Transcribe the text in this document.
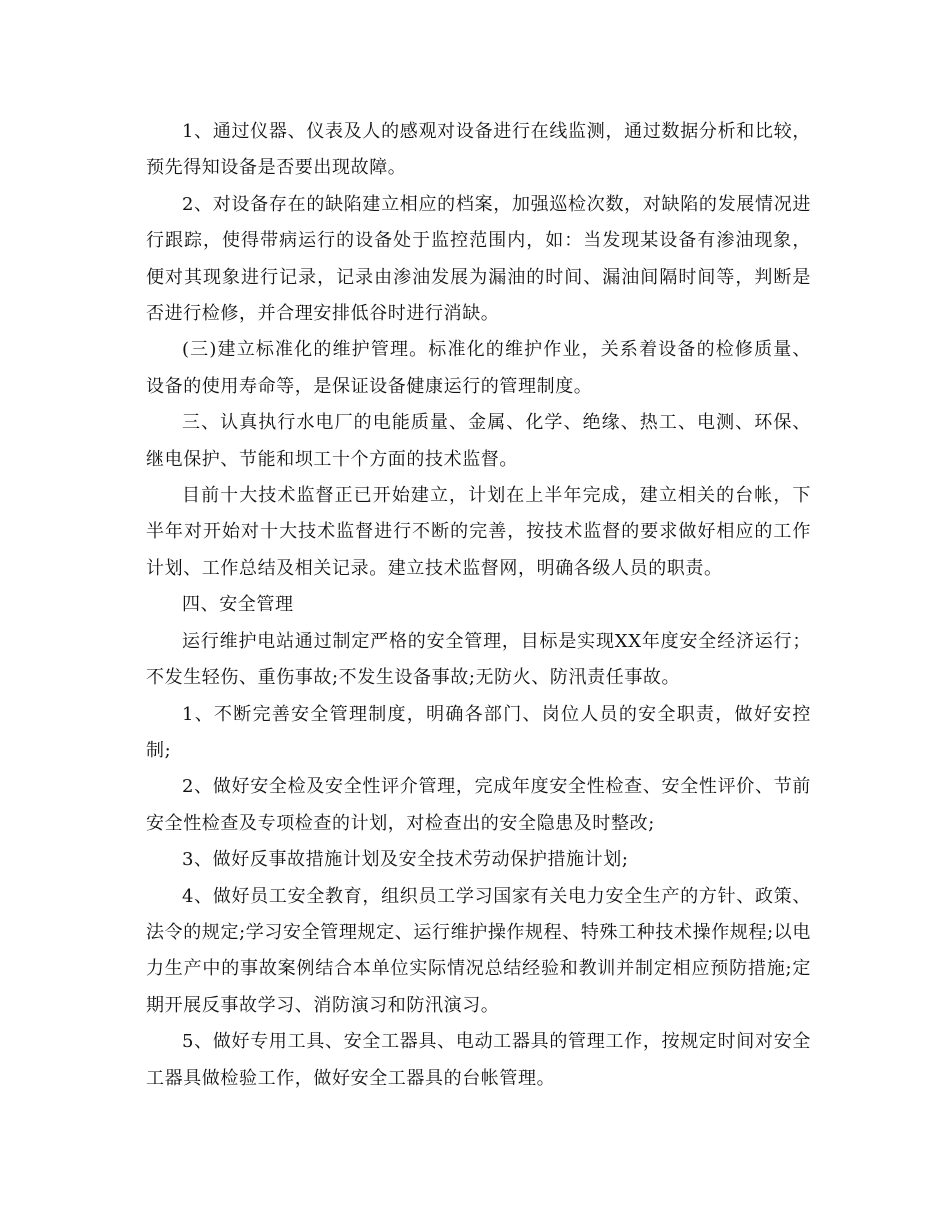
1、通过仪器、仪表及人的感观对设备进行在线监测，通过数据分析和比较，预先得知设备是否要出现故障。

2、对设备存在的缺陷建立相应的档案，加强巡检次数，对缺陷的发展情况进行跟踪，使得带病运行的设备处于监控范围内，如：当发现某设备有渗油现象，便对其现象进行记录，记录由渗油发展为漏油的时间、漏油间隔时间等，判断是否进行检修，并合理安排低谷时进行消缺。

(三)建立标准化的维护管理。标准化的维护作业，关系着设备的检修质量、设备的使用寿命等，是保证设备健康运行的管理制度。

三、认真执行水电厂的电能质量、金属、化学、绝缘、热工、电测、环保、继电保护、节能和坝工十个方面的技术监督。

目前十大技术监督正已开始建立，计划在上半年完成，建立相关的台帐，下半年对开始对十大技术监督进行不断的完善，按技术监督的要求做好相应的工作计划、工作总结及相关记录。建立技术监督网，明确各级人员的职责。

四、安全管理

运行维护电站通过制定严格的安全管理，目标是实现XX年度安全经济运行；不发生轻伤、重伤事故;不发生设备事故;无防火、防汛责任事故。

1、不断完善安全管理制度，明确各部门、岗位人员的安全职责，做好安控制;

2、做好安全检及安全性评介管理，完成年度安全性检查、安全性评价、节前安全性检查及专项检查的计划，对检查出的安全隐患及时整改;

3、做好反事故措施计划及安全技术劳动保护措施计划;

4、做好员工安全教育，组织员工学习国家有关电力安全生产的方针、政策、法令的规定;学习安全管理规定、运行维护操作规程、特殊工种技术操作规程;以电力生产中的事故案例结合本单位实际情况总结经验和教训并制定相应预防措施;定期开展反事故学习、消防演习和防汛演习。

5、做好专用工具、安全工器具、电动工器具的管理工作，按规定时间对安全工器具做检验工作，做好安全工器具的台帐管理。
